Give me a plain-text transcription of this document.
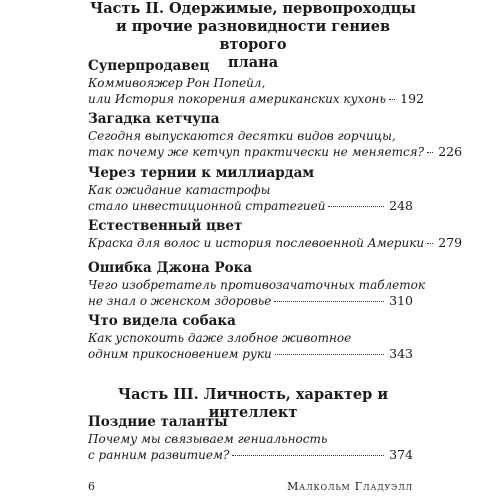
Часть II. Одержимые, первопроходцы
и прочие разновидности гениев второго
плана
Суперпродавец
Коммивояжер Рон Попейл,
или История покорения американских кухонь 192
Загадка кетчупа
Сегодня выпускаются десятки видов горчицы,
так почему же кетчуп практически не меняется? 226
Через тернии к миллиардам
Как ожидание катастрофы
стало инвестиционной стратегией	248
Естественный цвет
Краска для волос и история послевоенной Америки 279
Ошибка Джона Рока
Чего изобретатель противозачаточных таблеток
не знал о женском здоровье	310
Что видела собака
Как успокоить даже злобное животное
одним прикосновением руки	343
Часть III. Личность, характер и интеллект
Поздние таланты
Почему мы связываем гениальность
с ранним развитием?	374
6	Малкольм Гладуэлл
